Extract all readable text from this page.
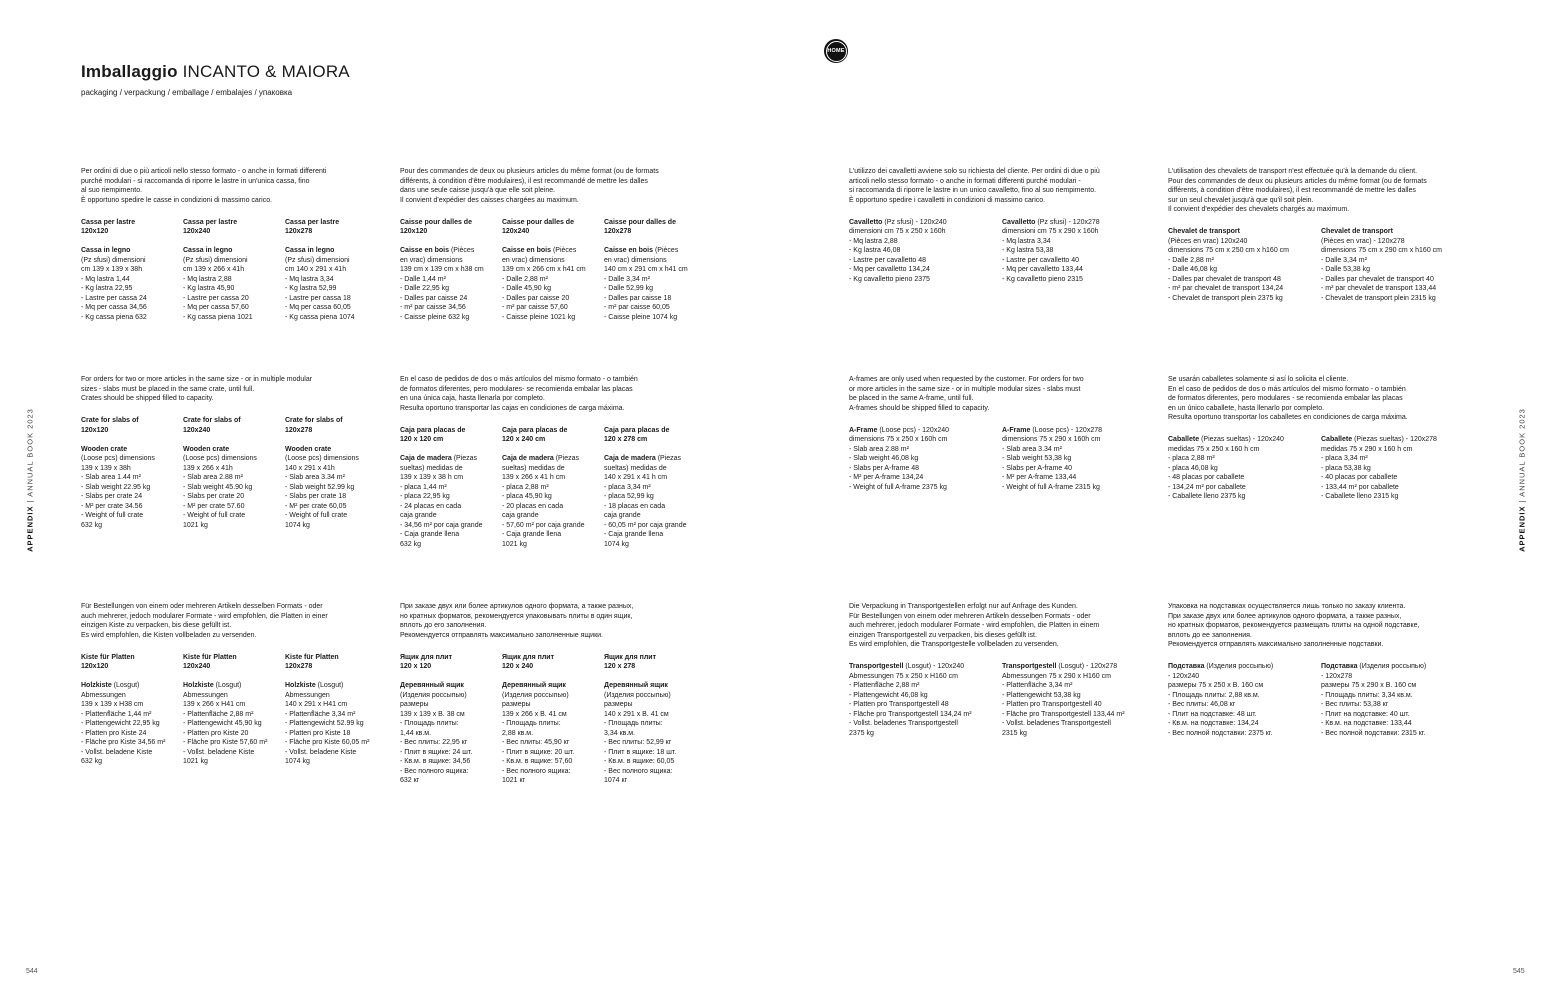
Imballaggio INCANTO & MAIORA
packaging / verpackung / emballage / embalajes / упаковка
HOME
APPENDIX | ANNUAL BOOK 2023
APPENDIX | ANNUAL BOOK 2023
544	545
Per ordini di due o più articoli nello stesso formato - o anche in formati differenti
purché modulari - si raccomanda di riporre le lastre in un'unica cassa, fino
al suo riempimento.
È opportuno spedire le casse in condizioni di massimo carico.
Cassa per lastre
120x120
Cassa in legno
(Pz sfusi) dimensioni
cm 139 x 139 x 38h
- Mq lastra 1,44
- Kg lastra 22,95
- Lastre per cassa 24
- Mq per cassa 34,56
- Kg cassa piena 632
Cassa per lastre
120x240
Cassa in legno
(Pz sfusi) dimensioni
cm 139 x 266 x 41h
- Mq lastra 2,88
- Kg lastra 45,90
- Lastre per cassa 20
- Mq per cassa 57,60
- Kg cassa piena 1021
Cassa per lastre
120x278
Cassa in legno
(Pz sfusi) dimensioni
cm 140 x 291 x 41h
- Mq lastra 3,34
- Kg lastra 52,99
- Lastre per cassa 18
- Mq per cassa 60,05
- Kg cassa piena 1074
Pour des commandes de deux ou plusieurs articles du même format (ou de formats
différents, à condition d'être modulaires), il est recommandé de mettre les dalles
dans une seule caisse jusqu'à que elle soit pleine.
Il convient d'expédier des caisses chargées au maximum.
Caisse pour dalles de
120x120
Caisse en bois (Pièces
en vrac) dimensions
139 cm x 139 cm x h38 cm
- Dalle 1,44 m²
- Dalle 22,95 kg
- Dalles par caisse 24
- m² par caisse 34,56
- Caisse pleine 632 kg
Caisse pour dalles de
120x240
Caisse en bois (Pièces
en vrac) dimensions
139 cm x 266 cm x h41 cm
- Dalle 2,88 m²
- Dalle 45,90 kg
- Dalles par caisse 20
- m² par caisse 57,60
- Caisse pleine 1021 kg
Caisse pour dalles de
120x278
Caisse en bois (Pièces
en vrac) dimensions
140 cm x 291 cm x h41 cm
- Dalle 3,34 m²
- Dalle 52,99 kg
- Dalles par caisse 18
- m² par caisse 60,05
- Caisse pleine 1074 kg
For orders for two or more articles in the same size - or in multiple modular
sizes - slabs must be placed in the same crate, until full.
Crates should be shipped filled to capacity.
Crate for slabs of
120x120
Wooden crate
(Loose pcs) dimensions
139 x 139 x 38h
- Slab area 1.44 m²
- Slab weight 22.95 kg
- Slabs per crate 24
- M² per crate 34.56
- Weight of full crate
632 kg
Crate for slabs of
120x240
Wooden crate
(Loose pcs) dimensions
139 x 266 x 41h
- Slab area 2.88 m²
- Slab weight 45.90 kg
- Slabs per crate 20
- M² per crate 57.60
- Weight of full crate
1021 kg
Crate for slabs of
120x278
Wooden crate
(Loose pcs) dimensions
140 x 291 x 41h
- Slab area 3.34 m²
- Slab weight 52.99 kg
- Slabs per crate 18
- M² per crate 60,05
- Weight of full crate
1074 kg
En el caso de pedidos de dos o más artículos del mismo formato - o también
de formatos diferentes, pero modulares- se recomienda embalar las placas
en una única caja, hasta llenarla por completo.
Resulta oportuno transportar las cajas en condiciones de carga máxima.
Caja para placas de
120 x 120 cm
Caja de madera (Piezas
sueltas) medidas de
139 x 139 x 38 h cm
- placa 1,44 m²
- placa 22,95 kg
- 24 placas en cada
caja grande
- 34,56 m² por caja grande
- Caja grande llena
632 kg
Caja para placas de
120 x 240 cm
Caja de madera (Piezas
sueltas) medidas de
139 x 266 x 41 h cm
- placa 2,88 m²
- placa 45,90 kg
- 20 placas en cada
caja grande
- 57,60 m² por caja grande
- Caja grande llena
1021 kg
Caja para placas de
120 x 278 cm
Caja de madera (Piezas
sueltas) medidas de
140 x 291 x 41 h cm
- placa 3,34 m²
- placa 52,99 kg
- 18 placas en cada
caja grande
- 60,05 m² por caja grande
- Caja grande llena
1074 kg
Für Bestellungen von einem oder mehreren Artikeln desselben Formats - oder
auch mehrerer, jedoch modularer Formate - wird empfohlen, die Platten in einer
einzigen Kiste zu verpacken, bis diese gefüllt ist.
Es wird empfohlen, die Kisten vollbeladen zu versenden.
Kiste für Platten
120x120
Holzkiste (Losgut)
Abmessungen
139 x 139 x H38 cm
- Plattenfläche 1,44 m²
- Plattengewicht 22,95 kg
- Platten pro Kiste 24
- Fläche pro Kiste 34,56 m²
- Vollst. beladene Kiste
632 kg
Kiste für Platten
120x240
Holzkiste (Losgut)
Abmessungen
139 x 266 x H41 cm
- Plattenfläche 2,88 m²
- Plattengewicht 45,90 kg
- Platten pro Kiste 20
- Fläche pro Kiste 57,60 m²
- Vollst. beladene Kiste
1021 kg
Kiste für Platten
120x278
Holzkiste (Losgut)
Abmessungen
140 x 291 x H41 cm
- Plattenfläche 3,34 m²
- Plattengewicht 52.99 kg
- Platten pro Kiste 18
- Fläche pro Kiste 60,05 m²
- Vollst. beladene Kiste
1074 kg
При заказе двух или более артикулов одного формата, а также разных,
но кратных форматов, рекомендуется упаковывать плиты в один ящик,
вплоть до его заполнения.
Рекомендуется отправлять максимально заполненные ящики.
Ящик для плит
120 x 120
Деревянный ящик
(Изделия россыпью)
размеры
139 x 139 x В. 38 см
- Площадь плиты:
1,44 кв.м.
- Вес плиты: 22,95 кг
- Плит в ящике: 24 шт.
- Кв.м. в ящике: 34,56
- Вес полного ящика:
632 кг
Ящик для плит
120 x 240
Деревянный ящик
(Изделия россыпью)
размеры
139 x 266 x В. 41 см
- Площадь плиты:
2,88 кв.м.
- Вес плиты: 45,90 кг
- Плит в ящике: 20 шт.
- Кв.м. в ящике: 57,60
- Вес полного ящика:
1021 кг
Ящик для плит
120 x 278
Деревянный ящик
(Изделия россыпью)
размеры
140 x 291 x В. 41 см
- Площадь плиты:
3,34 кв.м.
- Вес плиты: 52,99 кг
- Плит в ящике: 18 шт.
- Кв.м. в ящике: 60,05
- Вес полного ящика:
1074 кг
L'utilizzo dei cavalletti avviene solo su richiesta del cliente. Per ordini di due o più
articoli nello stesso formato - o anche in formati differenti purché modulari -
si raccomanda di riporre le lastre in un unico cavalletto, fino al suo riempimento.
È opportuno spedire i cavalletti in condizioni di massimo carico.
Cavalletto (Pz sfusi) - 120x240
dimensioni cm 75 x 250 x 160h
- Mq lastra 2,88
- Kg lastra 46,08
- Lastre per cavalletto 48
- Mq per cavalletto 134,24
- Kg cavalletto pieno 2375
Cavalletto (Pz sfusi) - 120x278
dimensioni cm 75 x 290 x 160h
- Mq lastra 3,34
- Kg lastra 53,38
- Lastre per cavalletto 40
- Mq per cavalletto 133,44
- Kg cavalletto pieno 2315
L'utilisation des chevalets de transport n'est effectuée qu'à la demande du client.
Pour des commandes de deux ou plusieurs articles du même format (ou de formats
différents, à condition d'être modulaires), il est recommandé de mettre les dalles
sur un seul chevalet jusqu'à que qu'il soit plein.
Il convient d'expédier des chevalets chargés au maximum.
Chevalet de transport
(Pièces en vrac) 120x240
dimensions 75 cm x 250 cm x h160 cm
- Dalle 2,88 m²
- Dalle 46,08 kg
- Dalles par chevalet de transport 48
- m² par chevalet de transport 134,24
- Chevalet de transport plein 2375 kg
Chevalet de transport
(Pièces en vrac) - 120x278
dimensions 75 cm x 290 cm x h160 cm
- Dalle 3,34 m²
- Dalle 53,38 kg
- Dalles par chevalet de transport 40
- m² par chevalet de transport 133,44
- Chevalet de transport plein 2315 kg
A-frames are only used when requested by the customer. For orders for two
or more articles in the same size - or in multiple modular sizes - slabs must
be placed in the same A-frame, until full.
A-frames should be shipped filled to capacity.
A-Frame (Loose pcs) - 120x240
dimensions 75 x 250 x 160h cm
- Slab area 2.88 m²
- Slab weight 46,08 kg
- Slabs per A-frame 48
- M² per A-frame 134,24
- Weight of full A-frame 2375 kg
A-Frame (Loose pcs) - 120x278
dimensions 75 x 290 x 160h cm
- Slab area 3.34 m²
- Slab weight 53,38 kg
- Slabs per A-frame 40
- M² per A-frame 133,44
- Weight of full A-frame 2315 kg
Se usarán caballetes solamente si así lo solicita el cliente.
En el caso de pedidos de dos o más artículos del mismo formato - o también
de formatos diferentes, pero modulares - se recomienda embalar las placas
en un único caballete, hasta llenarlo por completo.
Resulta oportuno transportar los caballetes en condiciones de carga máxima.
Caballete (Piezas sueltas) - 120x240
medidas 75 x 250 x 160 h cm
- placa 2,88 m²
- placa 46,08 kg
- 48 placas por caballete
- 134,24 m² por caballete
- Caballete lleno 2375 kg
Caballete (Piezas sueltas) - 120x278
medidas 75 x 290 x 160 h cm
- placa 3,34 m²
- placa 53,38 kg
- 40 placas por caballete
- 133,44 m² por caballete
- Caballete lleno 2315 kg
Die Verpackung in Transportgestellen erfolgt nur auf Anfrage des Kunden.
Für Bestellungen von einem oder mehreren Artikeln desselben Formats - oder
auch mehrerer, jedoch modularer Formate - wird empfohlen, die Platten in einem
einzigen Transportgestell zu verpacken, bis dieses gefüllt ist.
Es wird empfohlen, die Transportgestelle vollbeladen zu versenden.
Transportgestell (Losgut) - 120x240
Abmessungen 75 x 250 x H160 cm
- Plattenfläche 2,88 m²
- Plattengewicht 46,08 kg
- Platten pro Transportgestell 48
- Fläche pro Transportgestell 134,24 m²
- Vollst. beladenes Transportgestell
2375 kg
Transportgestell (Losgut) - 120x278
Abmessungen 75 x 290 x H160 cm
- Plattenfläche 3,34 m²
- Plattengewicht 53,38 kg
- Platten pro Transportgestell 40
- Fläche pro Transportgestell 133,44 m²
- Vollst. beladenes Transportgestell
2315 kg
Упаковка на подставках осуществляется лишь только по заказу клиента.
При заказе двух или более артикулов одного формата, а также разных,
но кратных форматов, рекомендуется размещать плиты на одной подставке,
вплоть до ее заполнения.
Рекомендуется отправлять максимально заполненные подставки.
Подставка (Изделия россыпью)
- 120x240
размеры 75 x 250 x В. 160 см
- Площадь плиты: 2,88 кв.м.
- Вес плиты: 46,08 кг
- Плит на подставке: 48 шт.
- Кв.м. на подставке: 134,24
- Вес полной подставки: 2375 кг.
Подставка (Изделия россыпью)
- 120x278
размеры 75 x 290 x В. 160 см
- Площадь плиты: 3,34 кв.м.
- Вес плиты: 53,38 кг
- Плит на подставке: 40 шт.
- Кв.м. на подставке: 133,44
- Вес полной подставки: 2315 кг.
